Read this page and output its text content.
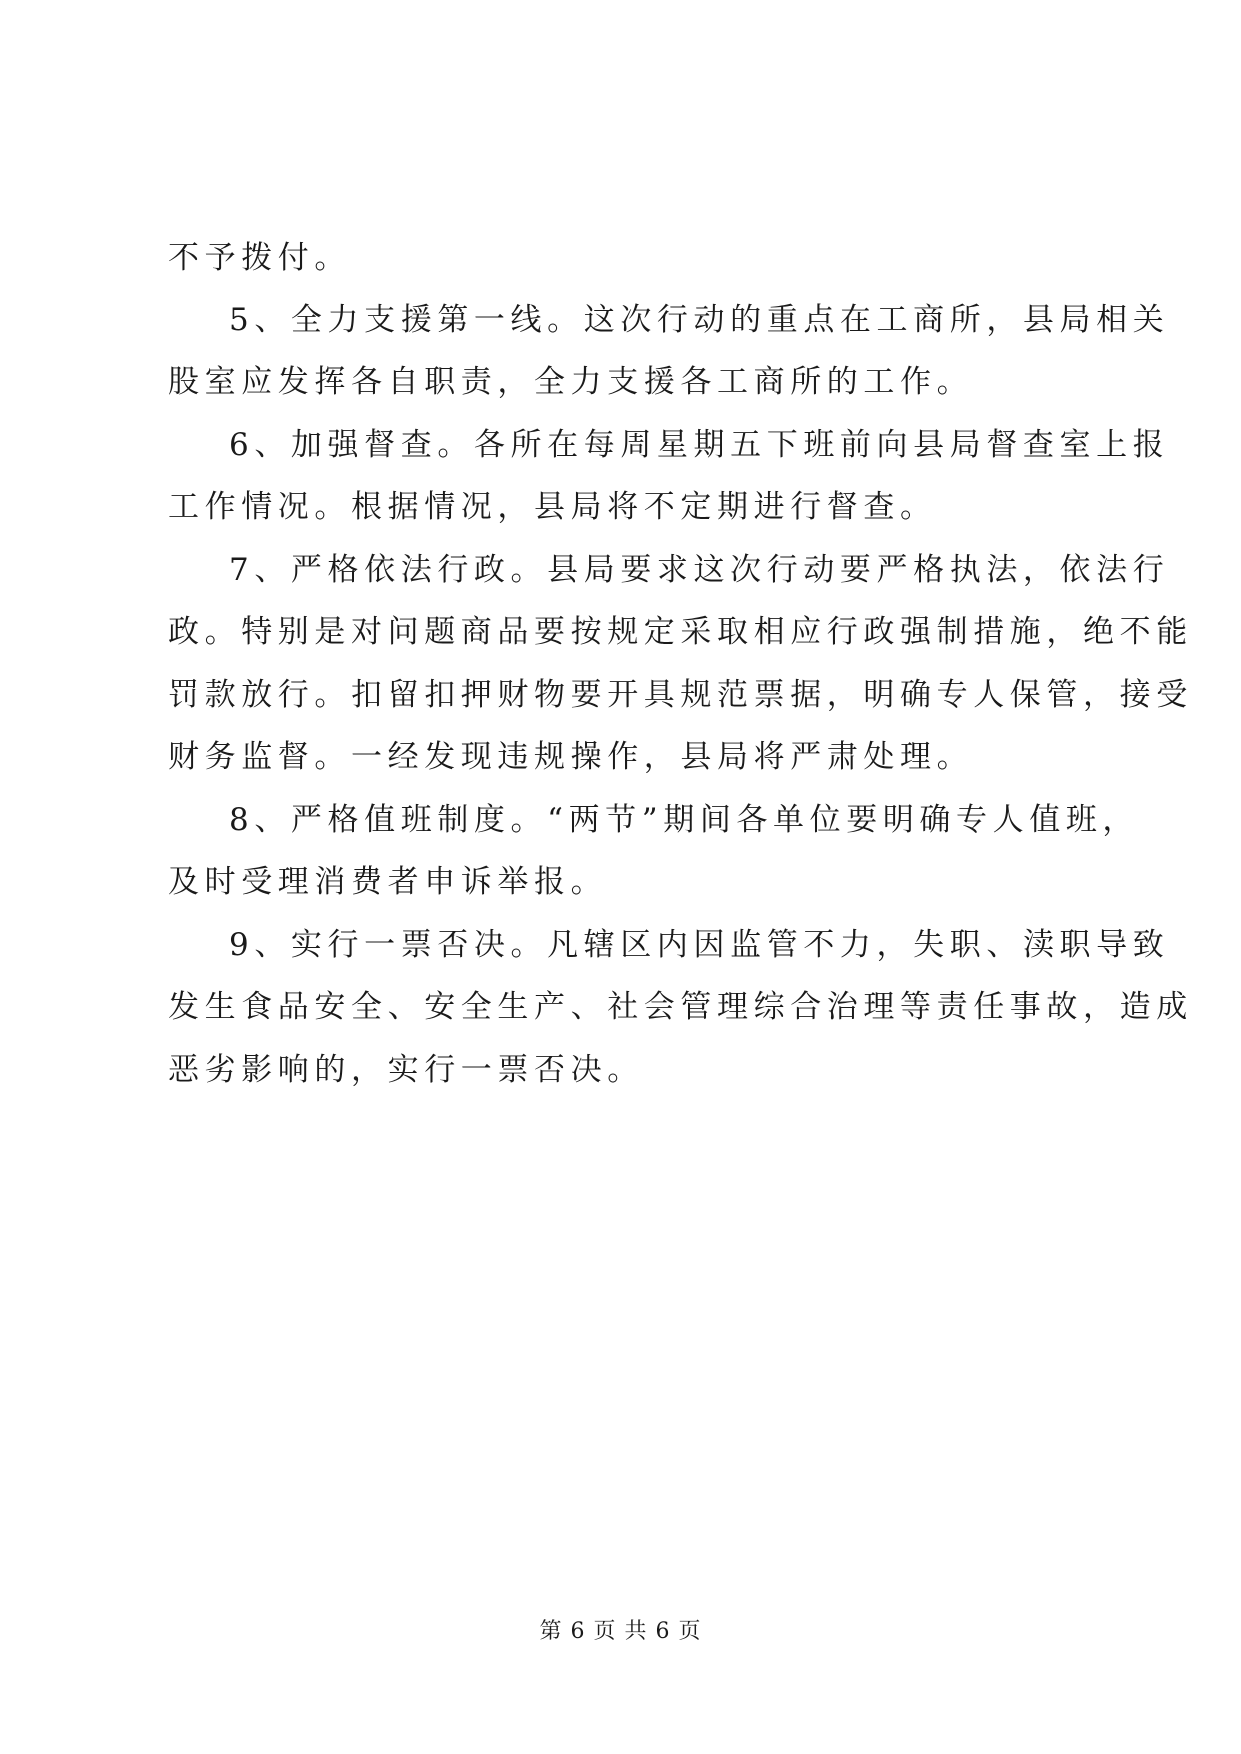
不予拨付。
5、全力支援第一线。这次行动的重点在工商所，县局相关
股室应发挥各自职责，全力支援各工商所的工作。
6、加强督查。各所在每周星期五下班前向县局督查室上报
工作情况。根据情况，县局将不定期进行督查。
7、严格依法行政。县局要求这次行动要严格执法，依法行
政。特别是对问题商品要按规定采取相应行政强制措施，绝不能
罚款放行。扣留扣押财物要开具规范票据，明确专人保管，接受
财务监督。一经发现违规操作，县局将严肃处理。
8、严格值班制度。“两节”期间各单位要明确专人值班，
及时受理消费者申诉举报。
9、实行一票否决。凡辖区内因监管不力，失职、渎职导致
发生食品安全、安全生产、社会管理综合治理等责任事故，造成
恶劣影响的，实行一票否决。
第 6 页 共 6 页
